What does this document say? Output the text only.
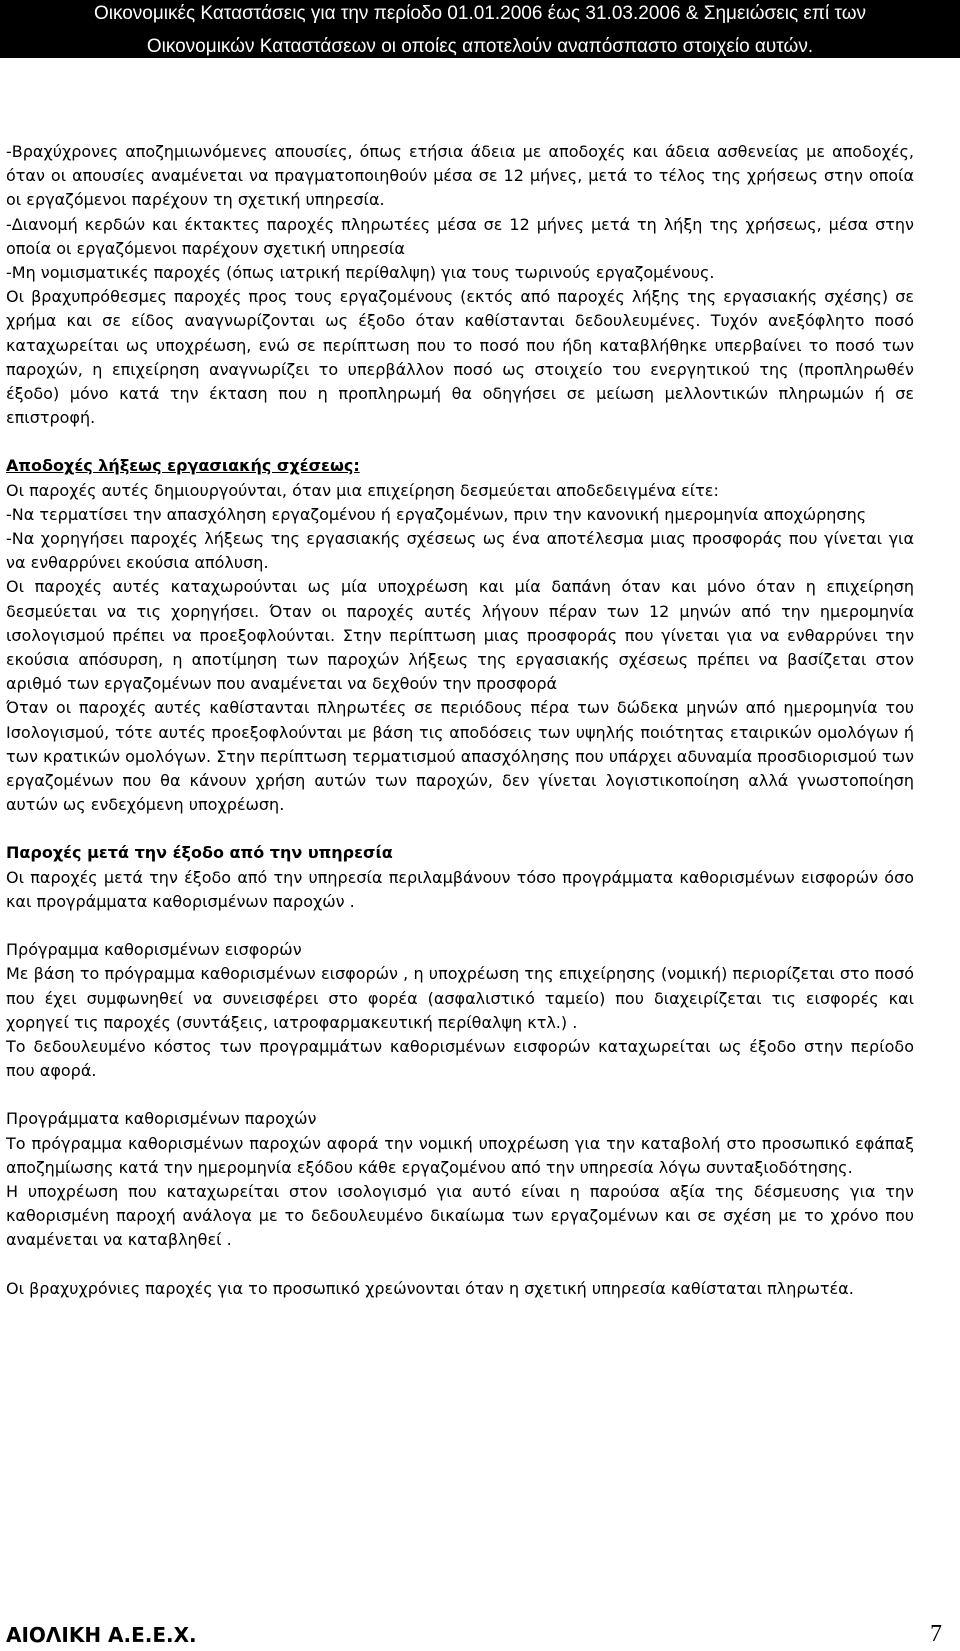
Οικονομικές Καταστάσεις για την περίοδο 01.01.2006 έως 31.03.2006 & Σημειώσεις επί των
Οικονομικών Καταστάσεων οι οποίες αποτελούν αναπόσπαστο στοιχείο αυτών.

-Βραχύχρονες αποζημιωνόμενες απουσίες, όπως ετήσια άδεια με αποδοχές και άδεια ασθενείας με αποδοχές, όταν οι απουσίες αναμένεται να πραγματοποιηθούν μέσα σε 12 μήνες, μετά το τέλος της χρήσεως στην οποία οι εργαζόμενοι παρέχουν τη σχετική υπηρεσία.

-Διανομή κερδών και έκτακτες παροχές πληρωτέες μέσα σε 12 μήνες μετά τη λήξη της χρήσεως, μέσα στην οποία οι εργαζόμενοι παρέχουν σχετική υπηρεσία

-Μη νομισματικές παροχές (όπως ιατρική περίθαλψη) για τους τωρινούς εργαζομένους.

Οι βραχυπρόθεσμες παροχές προς τους εργαζομένους (εκτός από παροχές λήξης της εργασιακής σχέσης) σε χρήμα και σε είδος αναγνωρίζονται ως έξοδο όταν καθίστανται δεδουλευμένες. Τυχόν ανεξόφλητο ποσό καταχωρείται ως υποχρέωση, ενώ σε περίπτωση που το ποσό που ήδη καταβλήθηκε υπερβαίνει το ποσό των παροχών, η επιχείρηση αναγνωρίζει το υπερβάλλον ποσό ως στοιχείο του ενεργητικού της (προπληρωθέν έξοδο) μόνο κατά την έκταση που η προπληρωμή θα οδηγήσει σε μείωση μελλοντικών πληρωμών ή σε επιστροφή.

Αποδοχές λήξεως εργασιακής σχέσεως:

Οι παροχές αυτές δημιουργούνται, όταν μια επιχείρηση δεσμεύεται αποδεδειγμένα είτε:

-Να τερματίσει την απασχόληση εργαζομένου ή εργαζομένων, πριν την κανονική ημερομηνία αποχώρησης

-Να χορηγήσει παροχές λήξεως της εργασιακής σχέσεως ως ένα αποτέλεσμα μιας προσφοράς που γίνεται για να ενθαρρύνει εκούσια απόλυση.

Οι παροχές αυτές καταχωρούνται ως μία υποχρέωση και μία δαπάνη όταν και μόνο όταν η επιχείρηση δεσμεύεται να τις χορηγήσει. Όταν οι παροχές αυτές λήγουν πέραν των 12 μηνών από την ημερομηνία ισολογισμού πρέπει να προεξοφλούνται. Στην περίπτωση μιας προσφοράς που γίνεται για να ενθαρρύνει την εκούσια απόσυρση, η αποτίμηση των παροχών λήξεως της εργασιακής σχέσεως πρέπει να βασίζεται στον αριθμό των εργαζομένων που αναμένεται να δεχθούν την προσφορά

Όταν οι παροχές αυτές καθίστανται πληρωτέες σε περιόδους πέρα των δώδεκα μηνών από ημερομηνία του Ισολογισμού, τότε αυτές προεξοφλούνται με βάση τις αποδόσεις των υψηλής ποιότητας εταιρικών ομολόγων ή των κρατικών ομολόγων. Στην περίπτωση τερματισμού απασχόλησης που υπάρχει αδυναμία προσδιορισμού των εργαζομένων που θα κάνουν χρήση αυτών των παροχών, δεν γίνεται λογιστικοποίηση αλλά γνωστοποίηση αυτών ως ενδεχόμενη υποχρέωση.

Παροχές μετά την έξοδο από την υπηρεσία

Οι παροχές μετά την έξοδο από την υπηρεσία περιλαμβάνουν τόσο προγράμματα καθορισμένων εισφορών όσο και προγράμματα καθορισμένων παροχών .

Πρόγραμμα καθορισμένων εισφορών

Με βάση το πρόγραμμα καθορισμένων εισφορών , η υποχρέωση της επιχείρησης (νομική) περιορίζεται στο ποσό που έχει συμφωνηθεί να συνεισφέρει στο φορέα (ασφαλιστικό ταμείο) που διαχειρίζεται τις εισφορές και χορηγεί τις παροχές (συντάξεις, ιατροφαρμακευτική περίθαλψη κτλ.) .

Το δεδουλευμένο κόστος των προγραμμάτων καθορισμένων εισφορών καταχωρείται ως έξοδο στην περίοδο που αφορά.

Προγράμματα καθορισμένων παροχών

Το πρόγραμμα καθορισμένων παροχών αφορά την νομική υποχρέωση για την καταβολή στο προσωπικό εφάπαξ αποζημίωσης κατά την ημερομηνία εξόδου κάθε εργαζομένου από την υπηρεσία λόγω συνταξιοδότησης.

Η υποχρέωση που καταχωρείται στον ισολογισμό για αυτό είναι η παρούσα αξία της δέσμευσης για την καθορισμένη παροχή ανάλογα με το δεδουλευμένο δικαίωμα των εργαζομένων και σε σχέση με το χρόνο που αναμένεται να καταβληθεί .

Οι βραχυχρόνιες παροχές για το προσωπικό χρεώνονται όταν η σχετική υπηρεσία καθίσταται πληρωτέα.

ΑΙΟΛΙΚΗ Α.Ε.Ε.Χ.	7
